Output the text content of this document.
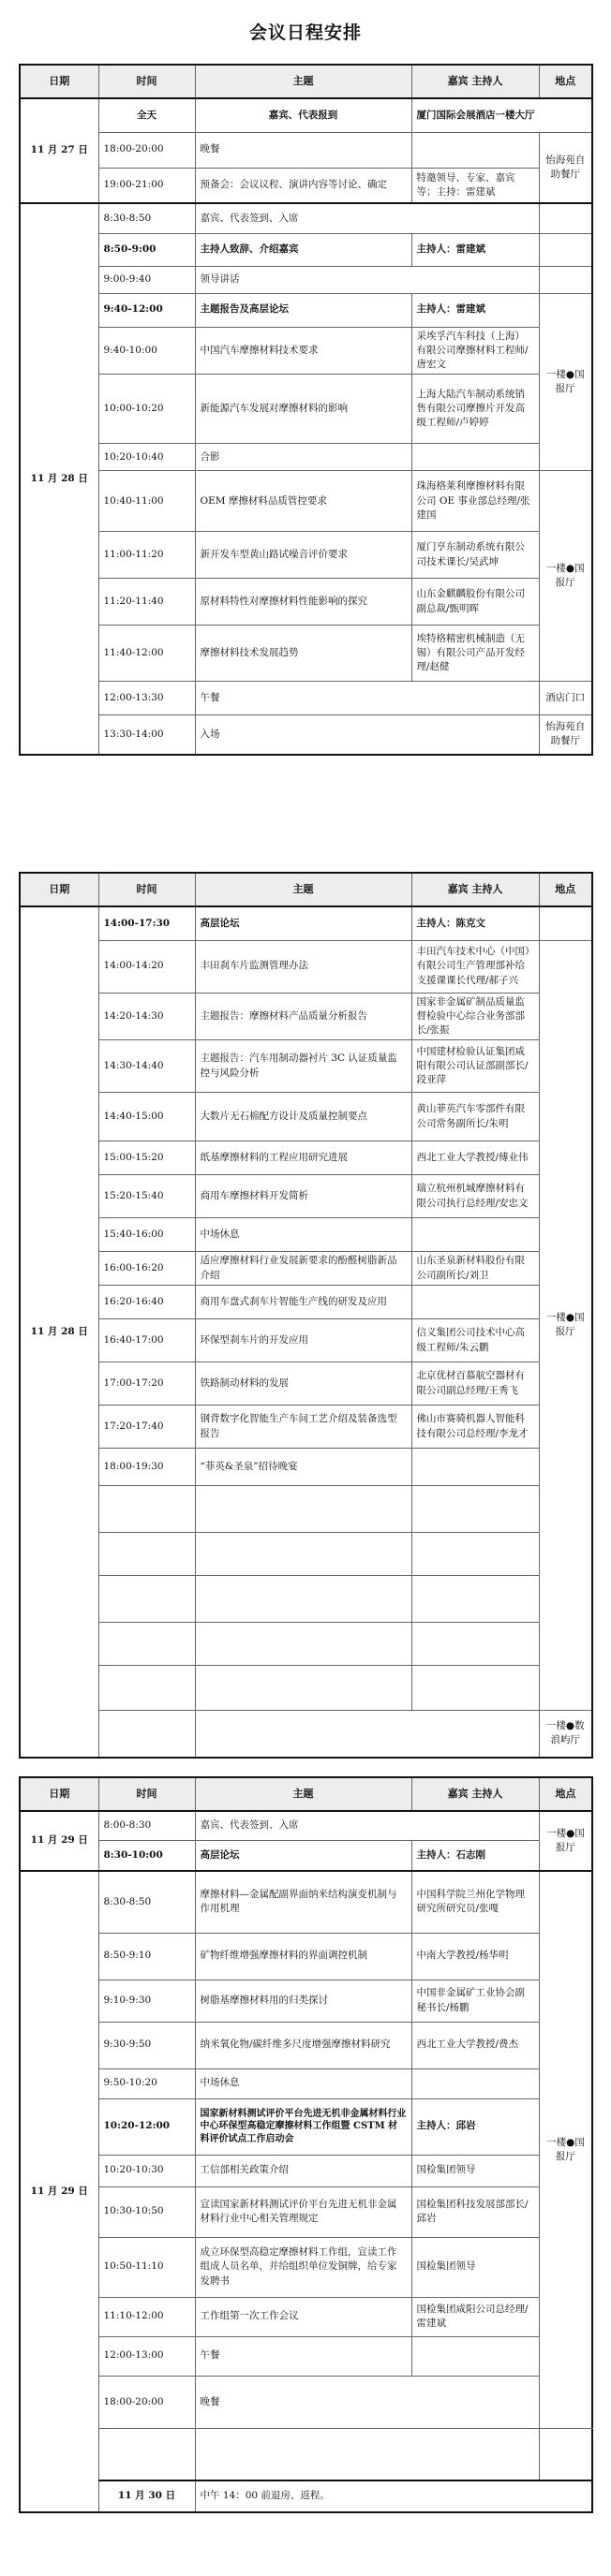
会议日程安排
日期	时间	主题	嘉宾 主持人	地点
11 月 27 日	全天	嘉宾、代表报到	厦门国际会展酒店一楼大厅	
	18:00-20:00	晚餐		怡海苑自助餐厅
	19:00-21:00	预备会：会议议程、演讲内容等讨论、确定	特邀领导、专家、嘉宾等；主持：雷建斌	
11 月 28 日	8:30-8:50	嘉宾、代表签到、入席		
	8:50-9:00	主持人致辞、介绍嘉宾	主持人：雷建斌	
	9:00-9:40	领导讲话		
	9:40-12:00	主题报告及高层论坛	主持人：雷建斌	一楼●国报厅
	9:40-10:00	中国汽车摩擦材料技术要求	采埃孚汽车科技（上海）有限公司摩擦材料工程师/唐宏文	
	10:00-10:20	新能源汽车发展对摩擦材料的影响	上海大陆汽车制动系统销售有限公司摩擦片开发高级工程师/卢婷婷	
	10:20-10:40	合影		
	10:40-11:00	OEM 摩擦材料品质管控要求	珠海格莱利摩擦材料有限公司 OE 事业部总经理/张建国	一楼●国报厅
	11:00-11:20	新开发车型黄山路试噪音评价要求	厦门亨东制动系统有限公司技术课长/吴武坤	
	11:20-11:40	原材料特性对摩擦材料性能影响的探究	山东金麒麟股份有限公司副总裁/甄明晖	
	11:40-12:00	摩擦材料技术发展趋势	埃特格精密机械制造（无锡）有限公司产品开发经理/赵健	
	12:00-13:30	午餐		酒店门口
	13:30-14:00	入场		怡海苑自助餐厅
日期	时间	主题	嘉宾 主持人	地点
11 月 28 日	14:00-17:30	高层论坛	主持人：陈克文	
	14:00-14:20	丰田刹车片监测管理办法	丰田汽车技术中心（中国）有限公司生产管理部补给支援课课长代理/郝子兴	一楼●国报厅
	14:20-14:30	主题报告：摩擦材料产品质量分析报告	国家非金属矿制品质量监督检验中心综合业务部部长/张振	
	14:30-14:40	主题报告：汽车用制动器衬片 3C 认证质量监控与风险分析	中国建材检验认证集团咸阳有限公司认证部副部长/段亚萍	
	14:40-15:00	大数片无石棉配方设计及质量控制要点	黄山菲英汽车零部件有限公司常务副所长/朱明	
	15:00-15:20	纸基摩擦材料的工程应用研究进展	西北工业大学教授/傅业伟	
	15:20-15:40	商用车摩擦材料开发简析	瑞立杭州机城摩擦材料有限公司执行总经理/安忠文	
	15:40-16:00	中场休息		
	16:00-16:20	适应摩擦材料行业发展新要求的酚醛树脂新品介绍	山东圣泉新材料股份有限公司副所长/刘卫	
	16:20-16:40	商用车盘式刹车片智能生产线的研发及应用		
	16:40-17:00	环保型刹车片的开发应用	信义集团公司技术中心高级工程师/朱云鹏	
	17:00-17:20	铁路制动材料的发展	北京优材百慕航空器材有限公司副总经理/王秀飞	
	17:20-17:40	钢背数字化智能生产车间工艺介绍及装备选型报告	佛山市赛骑机器人智能科技有限公司总经理/李龙才	
	18:00-19:30	“菲英&圣泉”招待晚宴		

				一楼●数浪屿厅
日期	时间	主题	嘉宾 主持人	地点	
11 月 29 日	8:00-8:30	嘉宾、代表签到、入席		一楼●国报厅	
	8:30-10:00	高层论坛	主持人：石志刚		
11 月 29 日	8:30-8:50	摩擦材料—金属配副界面纳米结构演变机制与作用机理	中国科学院兰州化学物理研究所研究员/张嘎	一楼●国报厅	
	8:50-9:10	矿物纤维增强摩擦材料的界面调控机制	中南大学教授/杨华明		
	9:10-9:30	树脂基摩擦材料用的归类探讨	中国非金属矿工业协会副秘书长/杨鹏		
	9:30-9:50	纳米氧化物/碳纤维多尺度增强摩擦材料研究	西北工业大学教授/费杰		
	9:50-10:20	中场休息			
	10:20-12:00	国家新材料测试评价平台先进无机非金属材料行业中心环保型高稳定摩擦材料工作组暨 CSTM 材料评价试点工作启动会	主持人：邱岩		
	10:20-10:30	工信部相关政策介绍	国检集团领导		
	10:30-10:50	宣读国家新材料测试评价平台先进无机非金属材料行业中心相关管理规定	国检集团科技发展部部长/邱岩		
	10:50-11:10	成立环保型高稳定摩擦材料工作组，宣读工作组成人员名单，并给组织单位发铜牌，给专家发聘书	国检集团领导		
	11:10-12:00	工作组第一次工作会议	国检集团咸阳公司总经理/雷建斌		
	12:00-13:00	午餐			
	18:00-20:00	晚餐	

	11 月 30 日	中午 14：00 前退房、返程。			
